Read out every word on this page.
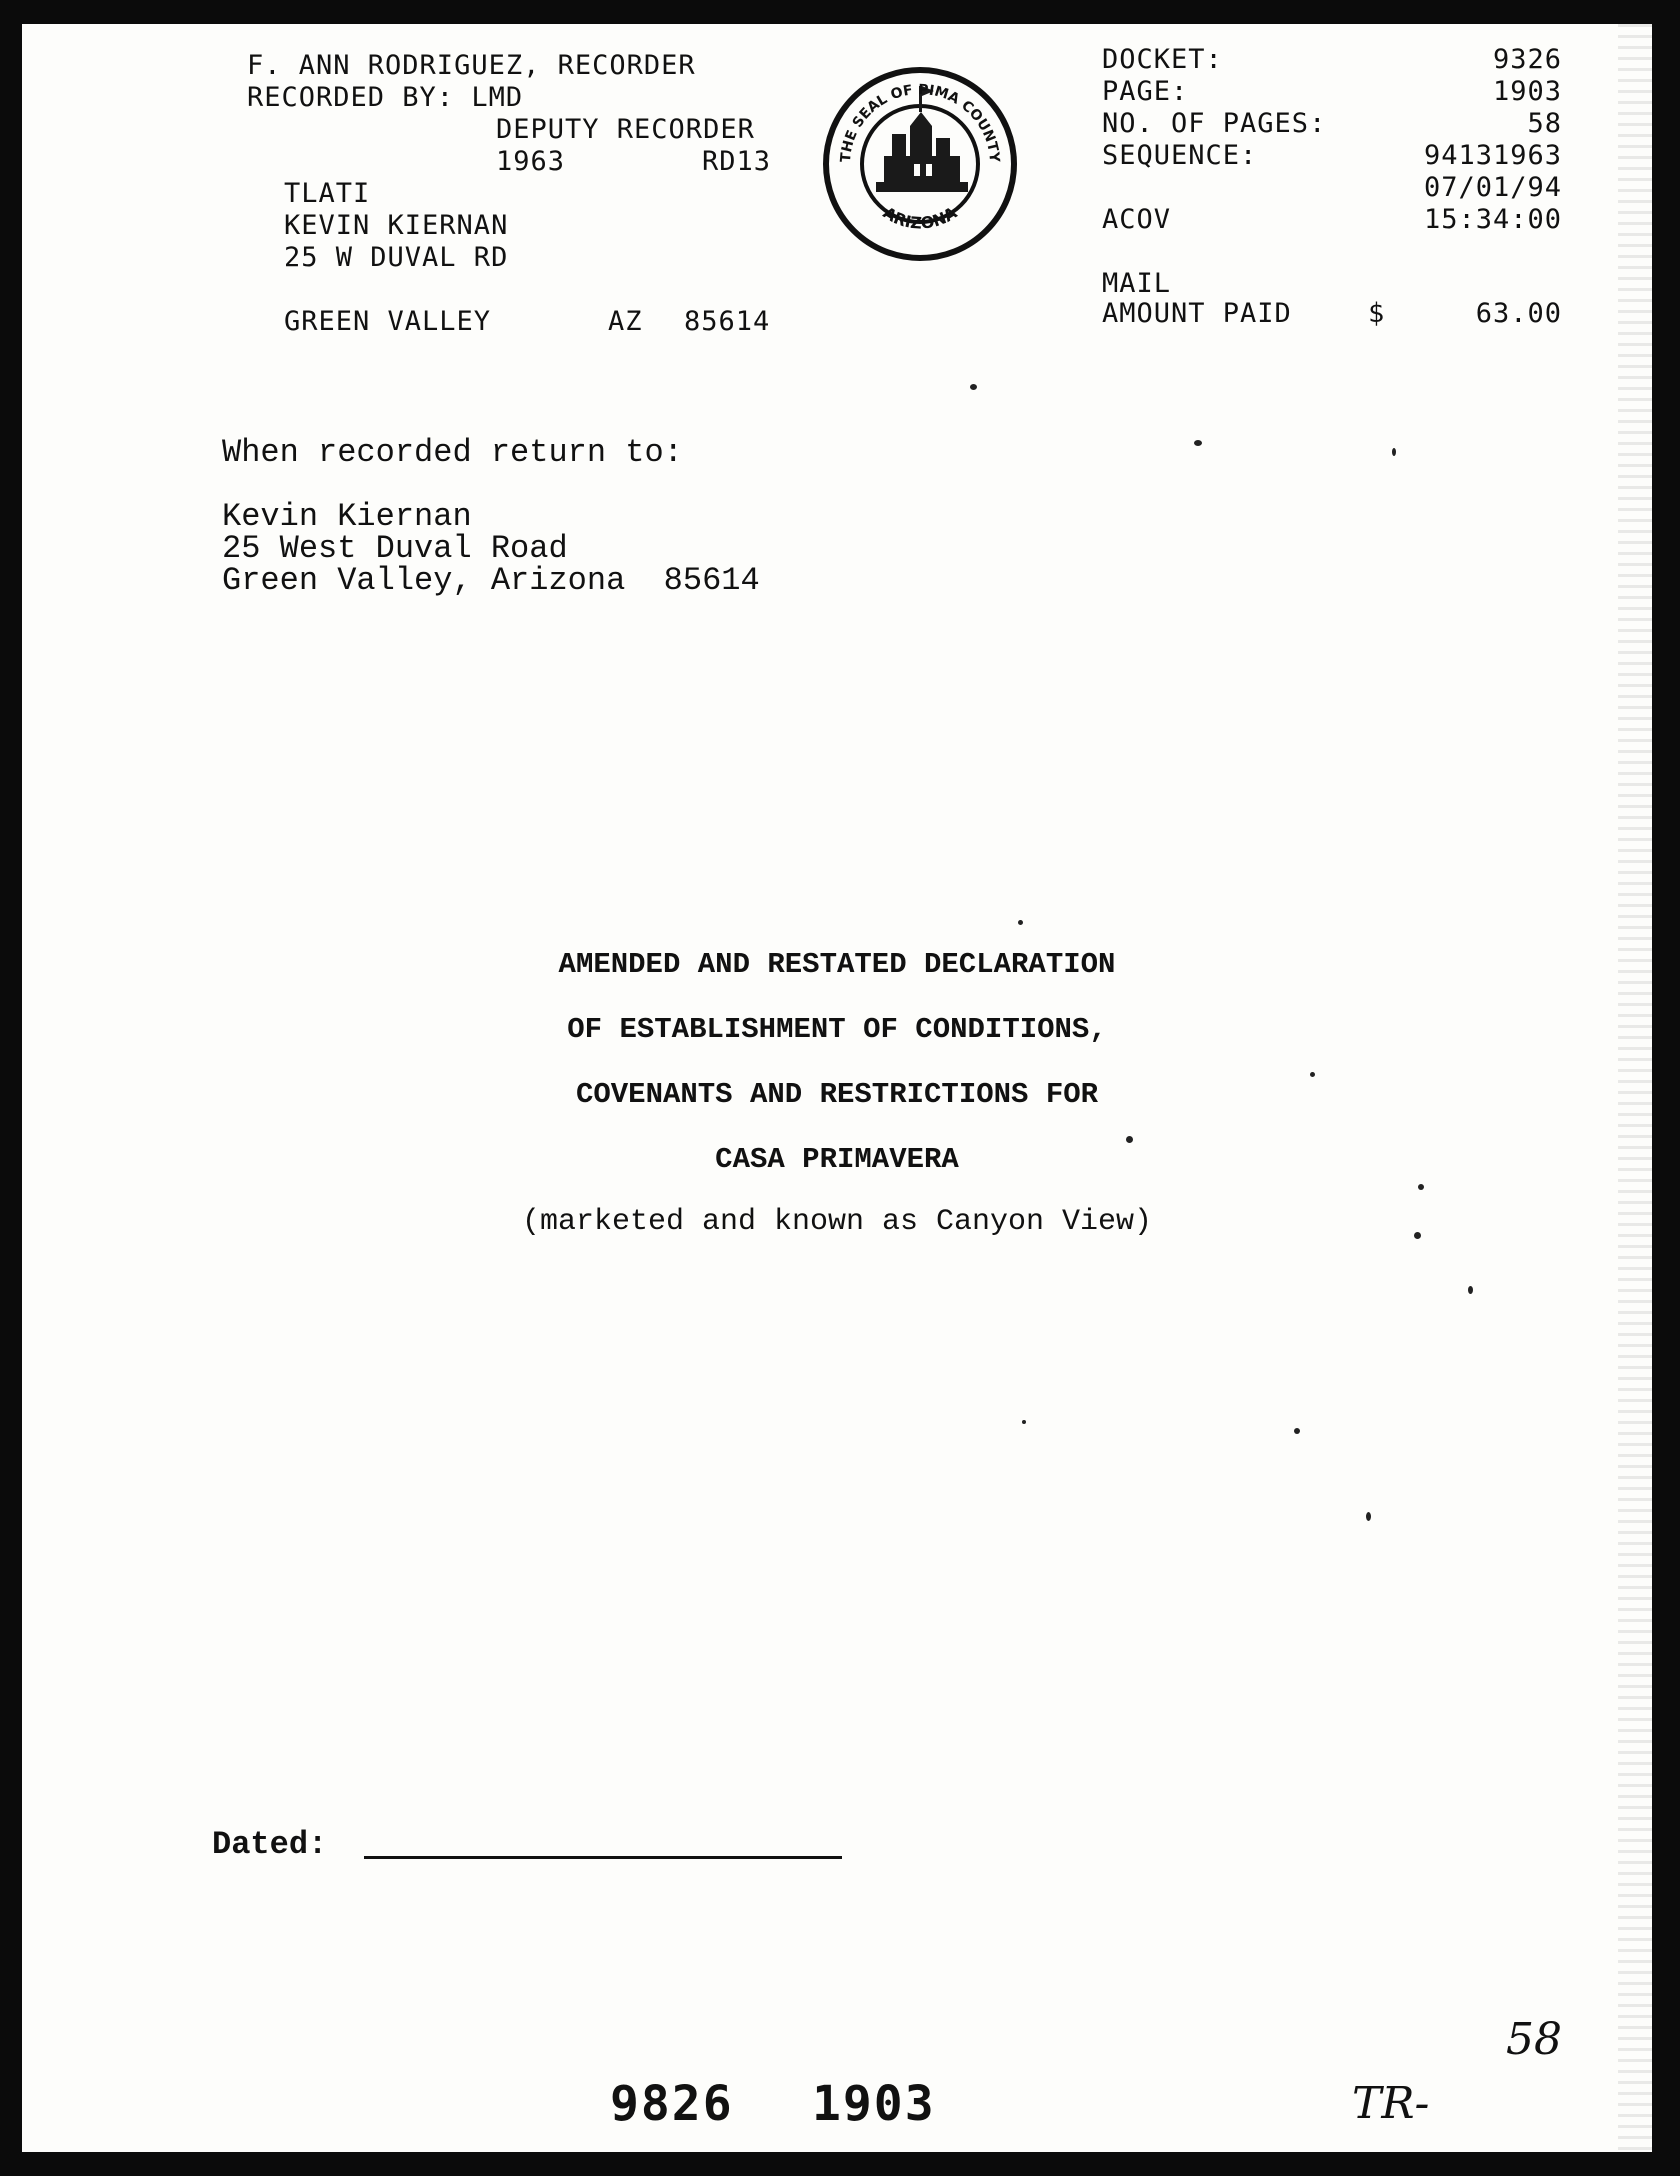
F. ANN RODRIGUEZ, RECORDER
RECORDED BY: LMD
DEPUTY RECORDER
1963	RD13
TLATI
KEVIN KIERNAN
25 W DUVAL RD
GREEN VALLEY	AZ 85614
THE SEAL OF PIMA COUNTY
ARIZONA
DOCKET:	9326
PAGE:	1903
NO. OF PAGES:	58
SEQUENCE:	94131963
07/01/94
ACOV	15:34:00
MAIL
AMOUNT PAID	$	63.00
When recorded return to:
Kevin Kiernan
25 West Duval Road
Green Valley, Arizona  85614
AMENDED AND RESTATED DECLARATION
OF ESTABLISHMENT OF CONDITIONS,
COVENANTS AND RESTRICTIONS FOR
CASA PRIMAVERA
(marketed and known as Canyon View)
Dated:
9826 1903	TR-
58
